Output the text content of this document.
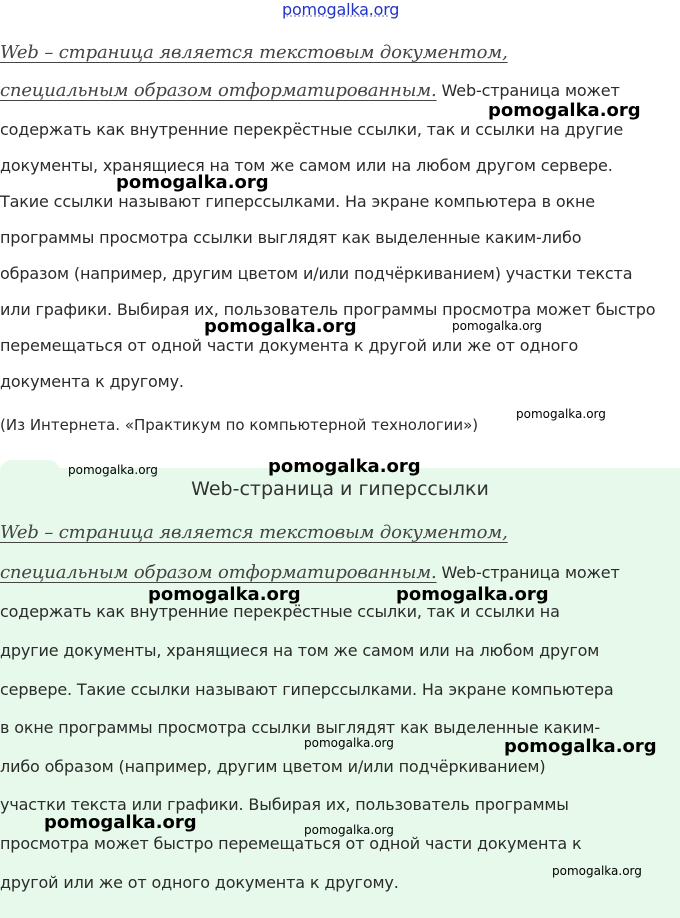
pomogalka.org
Web – страница является текстовым документом,
специальным образом отформатированным. Web-страница может
содержать как внутренние перекрёстные ссылки, так и ссылки на другие
документы, хранящиеся на том же самом или на любом другом сервере.
Такие ссылки называют гиперссылками. На экране компьютера в окне
программы просмотра ссылки выглядят как выделенные каким-либо
образом (например, другим цветом и/или подчёркиванием) участки текста
или графики. Выбирая их, пользователь программы просмотра может быстро
перемещаться от одной части документа к другой или же от одного
документа к другому.
(Из Интернета. «Практикум по компьютерной технологии»)
Web-страница и гиперссылки
Web – страница является текстовым документом,
специальным образом отформатированным. Web-страница может
содержать как внутренние перекрёстные ссылки, так и ссылки на
другие документы, хранящиеся на том же самом или на любом другом
сервере. Такие ссылки называют гиперссылками. На экране компьютера
в окне программы просмотра ссылки выглядят как выделенные каким-
либо образом (например, другим цветом и/или подчёркиванием)
участки текста или графики. Выбирая их, пользователь программы
просмотра может быстро перемещаться от одной части документа к
другой или же от одного документа к другому.
pomogalka.org
pomogalka.org
pomogalka.org	pomogalka.org
pomogalka.org
pomogalka.org	pomogalka.org
pomogalka.org	pomogalka.org
pomogalka.org	pomogalka.org
pomogalka.org	pomogalka.org
pomogalka.org
